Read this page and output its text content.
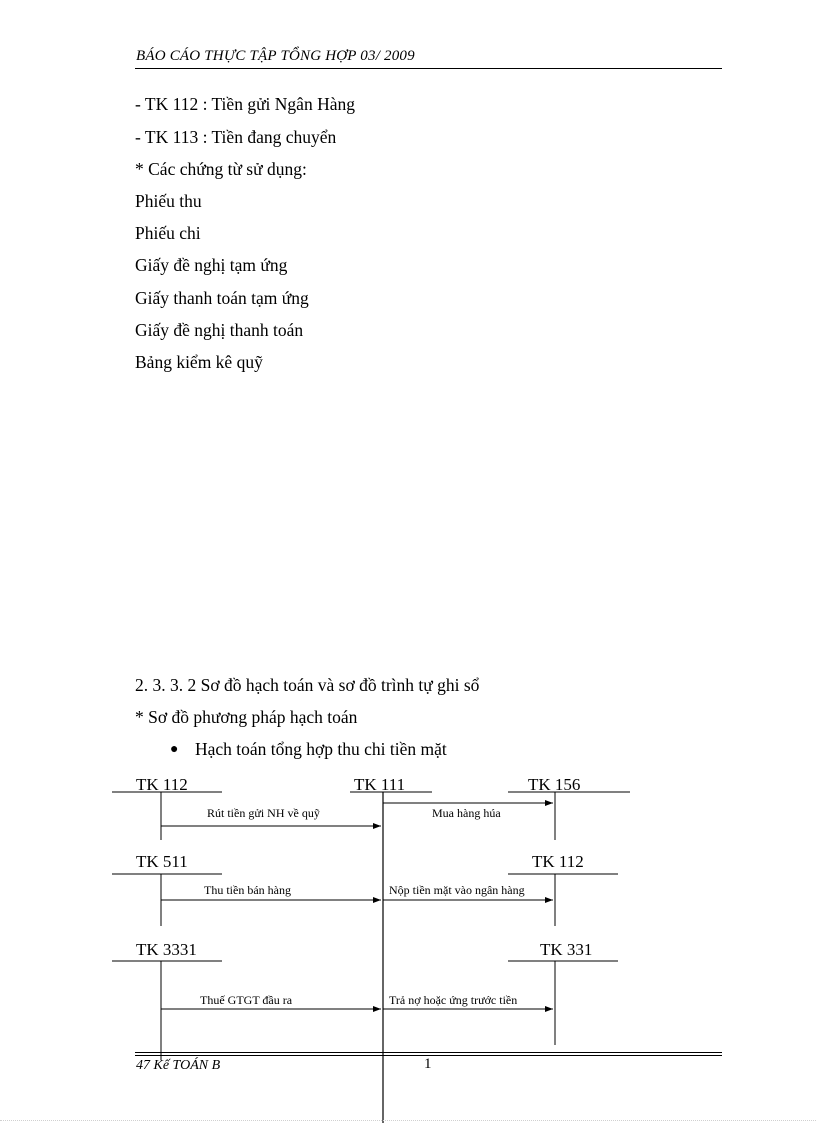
BÁO CÁO THỰC TẬP TỔNG HỢP 03/ 2009
- TK 112 : Tiền gửi Ngân Hàng
- TK 113 : Tiền đang chuyển
* Các chứng từ sử dụng:
Phiếu thu
Phiếu chi
Giấy đề nghị tạm ứng
Giấy thanh toán tạm ứng
Giấy đề nghị thanh toán
Bảng kiểm kê quỹ
2. 3. 3. 2 Sơ đồ hạch toán và sơ đồ trình tự ghi sổ
* Sơ đồ phương pháp hạch toán
● Hạch toán tổng hợp thu chi tiền mặt
TK 111
TK 112
TK 511
TK 3331
TK 156
TK 112
TK 331
Rút tiền gửi NH về quỹ
Thu tiền bán hàng
Thuế GTGT đầu ra
Mua hàng húa
Nộp tiền mặt vào ngân hàng
Trả nợ hoặc ứng trước tiền
47 Kế TOÁN B	1
